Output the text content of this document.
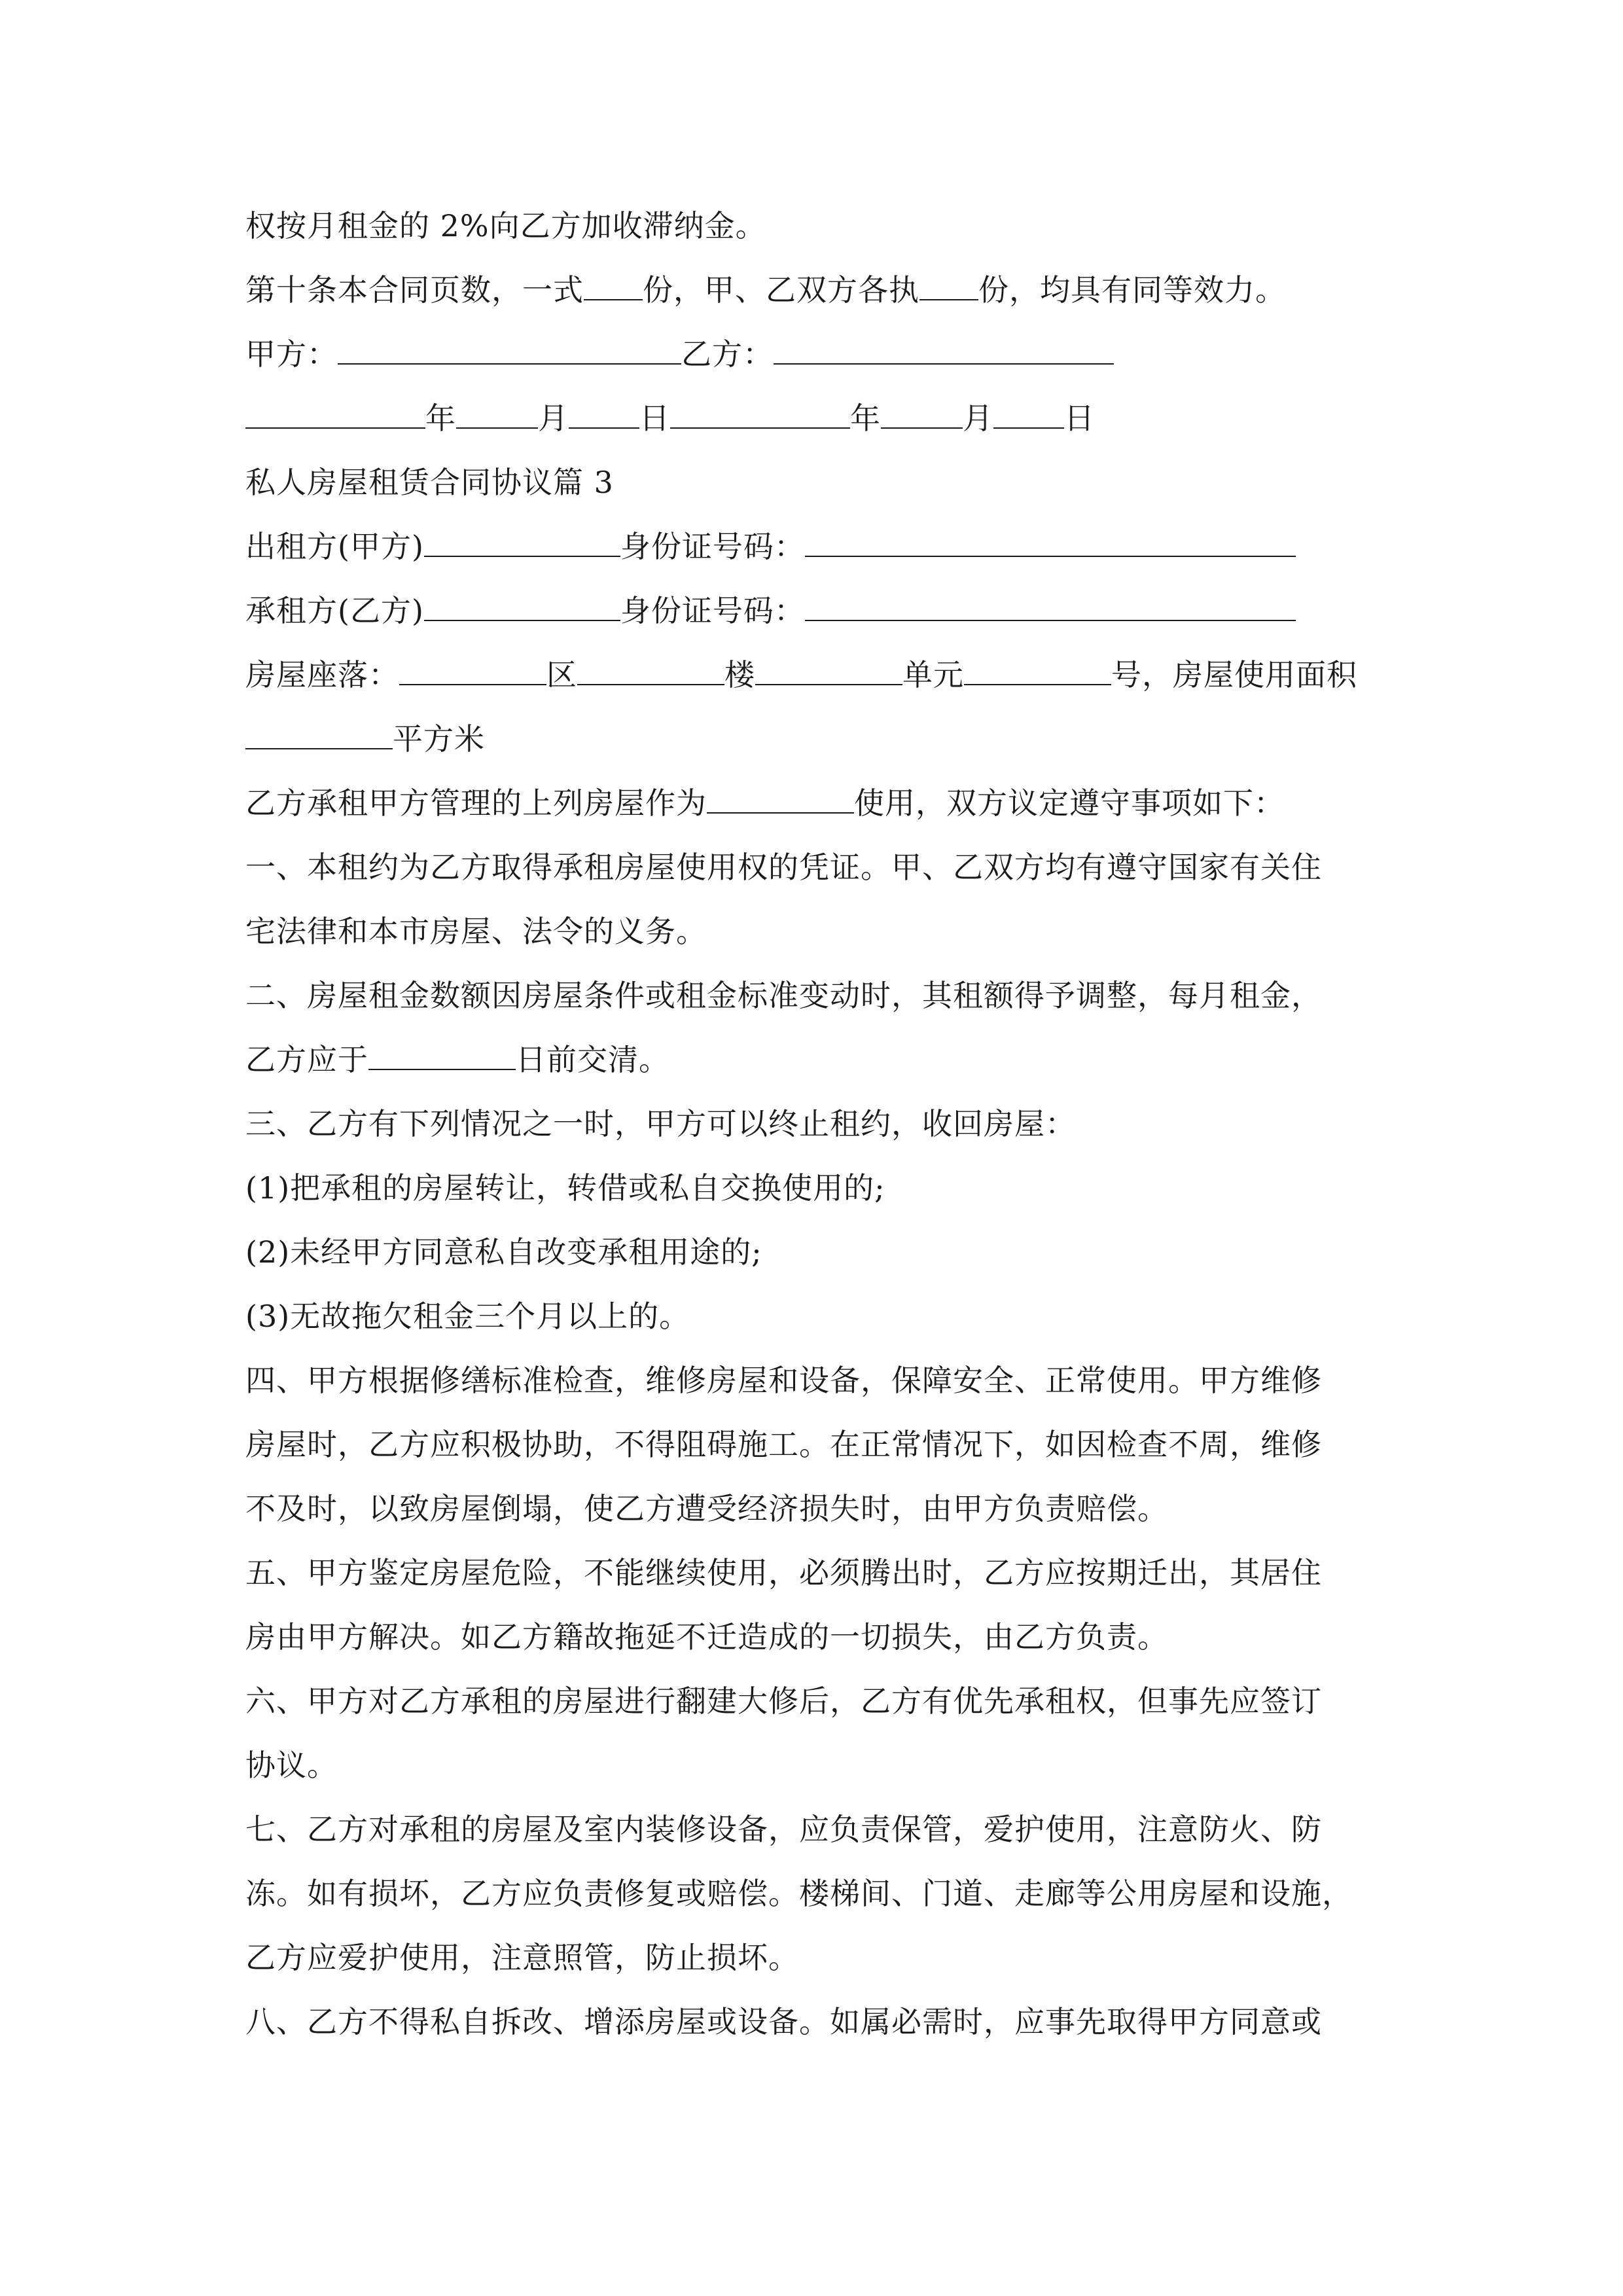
权按月租金的 2%向乙方加收滞纳金。
第十条本合同页数，一式 份，甲、乙双方各执 份，均具有同等效力。
甲方：	乙方：
年	月 日	年	月 日
私人房屋租赁合同协议篇 3
出租方(甲方)	身份证号码：
承租方(乙方)	身份证号码：
房屋座落：	区	楼	单元	号，房屋使用面积
平方米
乙方承租甲方管理的上列房屋作为	使用，双方议定遵守事项如下：
一、本租约为乙方取得承租房屋使用权的凭证。甲、乙双方均有遵守国家有关住
宅法律和本市房屋、法令的义务。
二、房屋租金数额因房屋条件或租金标准变动时，其租额得予调整，每月租金，
乙方应于	日前交清。
三、乙方有下列情况之一时，甲方可以终止租约，收回房屋：
(1)把承租的房屋转让，转借或私自交换使用的;
(2)未经甲方同意私自改变承租用途的;
(3)无故拖欠租金三个月以上的。
四、甲方根据修缮标准检查，维修房屋和设备，保障安全、正常使用。甲方维修
房屋时，乙方应积极协助，不得阻碍施工。在正常情况下，如因检查不周，维修
不及时，以致房屋倒塌，使乙方遭受经济损失时，由甲方负责赔偿。
五、甲方鉴定房屋危险，不能继续使用，必须腾出时，乙方应按期迁出，其居住
房由甲方解决。如乙方籍故拖延不迁造成的一切损失，由乙方负责。
六、甲方对乙方承租的房屋进行翻建大修后，乙方有优先承租权，但事先应签订
协议。
七、乙方对承租的房屋及室内装修设备，应负责保管，爱护使用，注意防火、防
冻。如有损坏，乙方应负责修复或赔偿。楼梯间、门道、走廊等公用房屋和设施，
乙方应爱护使用，注意照管，防止损坏。
八、乙方不得私自拆改、增添房屋或设备。如属必需时，应事先取得甲方同意或
